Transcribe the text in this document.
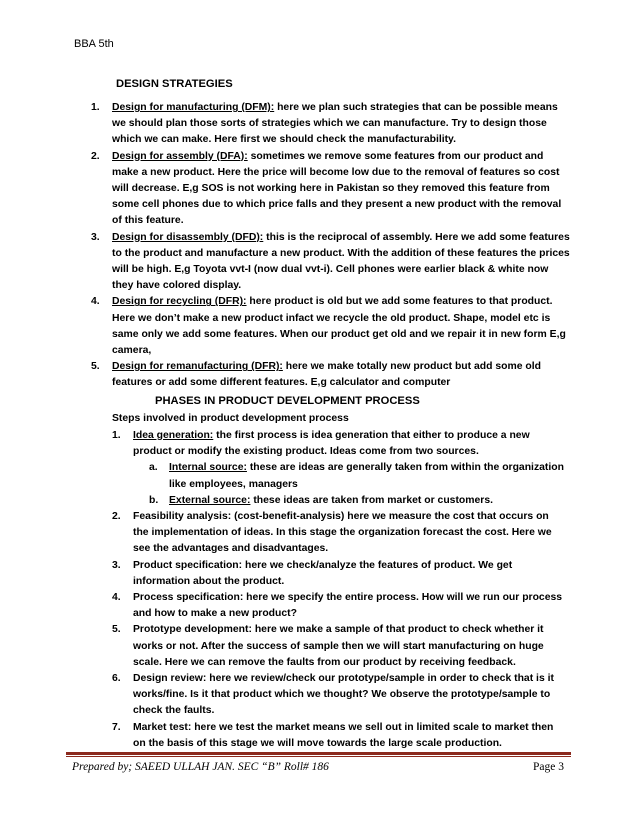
BBA 5th
DESIGN STRATEGIES
1.	Design for manufacturing (DFM): here we plan such strategies that can be possible means we should plan those sorts of strategies which we can manufacture. Try to design those which we can make. Here first we should check the manufacturability.
2.	Design for assembly (DFA): sometimes we remove some features from our product and make a new product. Here the price will become low due to the removal of features so cost will decrease. E,g SOS is not working here in Pakistan so they removed this feature from some cell phones due to which price falls and they present a new product with the removal of this feature.
3.	Design for disassembly (DFD): this is the reciprocal of assembly. Here we add some features to the product and manufacture a new product. With the addition of these features the prices will be high. E,g Toyota vvt-I (now dual vvt-i). Cell phones were earlier black & white now they have colored display.
4.	Design for recycling (DFR): here product is old but we add some features to that product. Here we don’t make a new product infact we recycle the old product. Shape, model etc is same only we add some features. When our product get old and we repair it in new form E,g camera,
5.	Design for remanufacturing (DFR): here we make totally new product but add some old features or add some different features. E,g calculator and computer
PHASES IN PRODUCT DEVELOPMENT PROCESS
Steps involved in product development process
1.	Idea generation: the first process is idea generation that either to produce a new product or modify the existing product. Ideas come from two sources.
a.	Internal source: these are ideas are generally taken from within the organization like employees, managers
b.	External source: these ideas are taken from market or customers.
2.	Feasibility analysis: (cost-benefit-analysis) here we measure the cost that occurs on the implementation of ideas. In this stage the organization forecast the cost. Here we see the advantages and disadvantages.
3.	Product specification: here we check/analyze the features of product. We get information about the product.
4.	Process specification: here we specify the entire process. How will we run our process and how to make a new product?
5.	Prototype development: here we make a sample of that product to check whether it works or not. After the success of sample then we will start manufacturing on huge scale. Here we can remove the faults from our product by receiving feedback.
6.	Design review: here we review/check our prototype/sample in order to check that is it works/fine. Is it that product which we thought? We observe the prototype/sample to check the faults.
7.	Market test: here we test the market means we sell out in limited scale to market then on the basis of this stage we will move towards the large scale production.
Prepared by; SAEED ULLAH JAN. SEC “B” Roll# 186	Page 3
